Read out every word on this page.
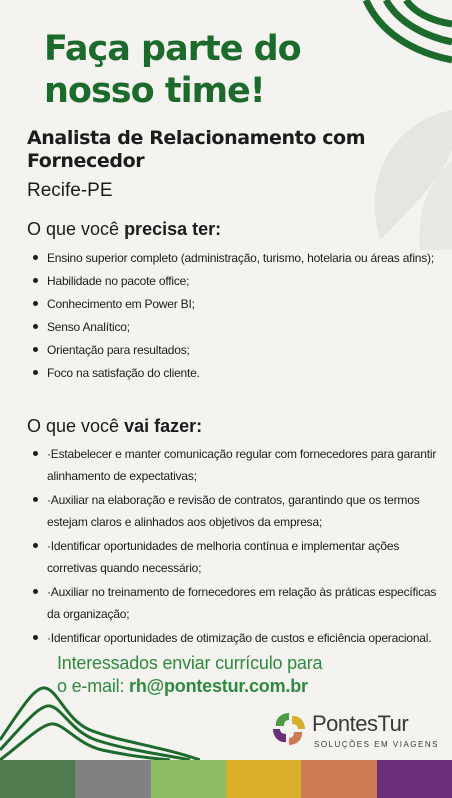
Faça parte do
nosso time!
Analista de Relacionamento com Fornecedor

Recife-PE

O que você precisa ter:
Ensino superior completo (administração, turismo, hotelaria ou áreas afins);
Habilidade no pacote office;
Conhecimento em Power BI;
Senso Analítico;
Orientação para resultados;
Foco na satisfação do cliente.
O que você vai fazer:
·Estabelecer e manter comunicação regular com fornecedores para garantir alinhamento de expectativas;
·Auxiliar na elaboração e revisão de contratos, garantindo que os termos estejam claros e alinhados aos objetivos da empresa;
·Identificar oportunidades de melhoria contínua e implementar ações corretivas quando necessário;
·Auxiliar no treinamento de fornecedores em relação às práticas específicas da organização;
·Identificar oportunidades de otimização de custos e eficiência operacional.

Interessados enviar currículo para
o e-mail: rh@pontestur.com.br

PontesTur
SOLUÇÕES EM VIAGENS
